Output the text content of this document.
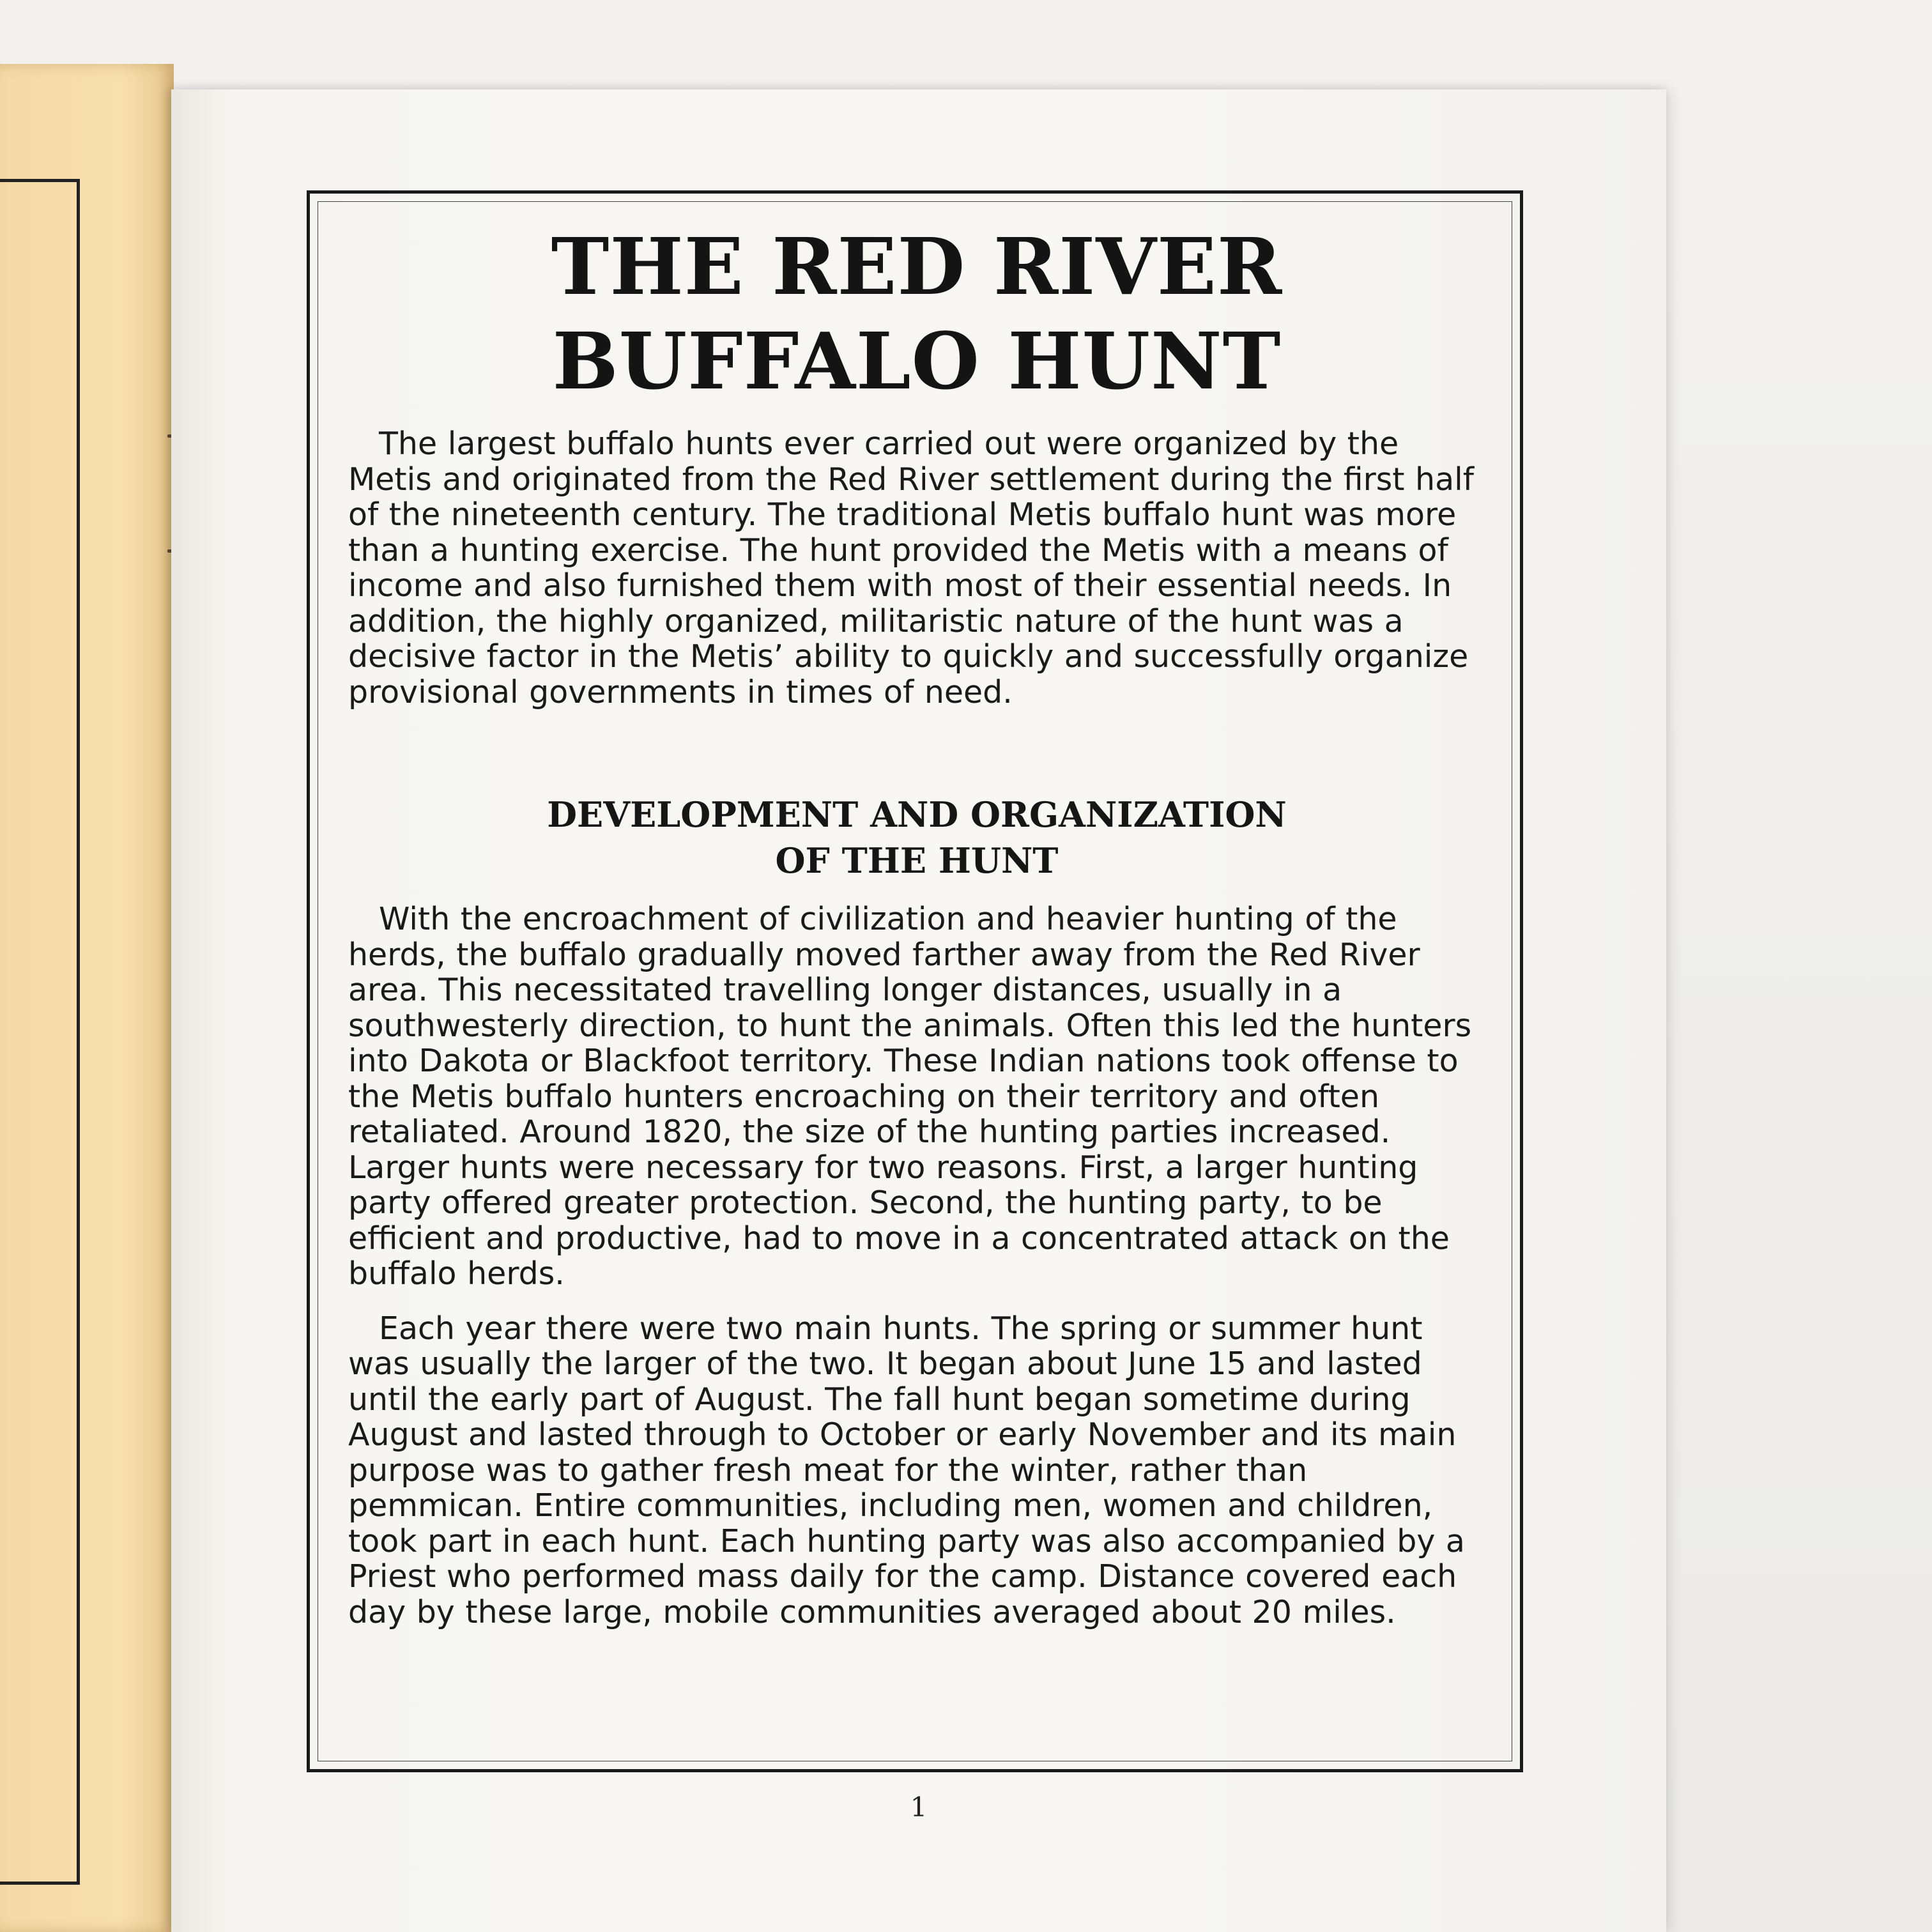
THE RED RIVER
BUFFALO HUNT

The largest buffalo hunts ever carried out were organized by the Metis and originated from the Red River settlement during the first half of the nineteenth century. The traditional Metis buffalo hunt was more than a hunting exercise. The hunt provided the Metis with a means of income and also furnished them with most of their essential needs. In addition, the highly organized, militaristic nature of the hunt was a decisive factor in the Metis’ ability to quickly and successfully organize provisional governments in times of need.

DEVELOPMENT AND ORGANIZATION
OF THE HUNT

With the encroachment of civilization and heavier hunting of the herds, the buffalo gradually moved farther away from the Red River area. This necessitated travelling longer distances, usually in a southwesterly direction, to hunt the animals. Often this led the hunters into Dakota or Blackfoot territory. These Indian nations took offense to the Metis buffalo hunters encroaching on their territory and often retaliated. Around 1820, the size of the hunting parties increased. Larger hunts were necessary for two reasons. First, a larger hunting party offered greater protection. Second, the hunting party, to be efficient and productive, had to move in a concentrated attack on the buffalo herds.

Each year there were two main hunts. The spring or summer hunt was usually the larger of the two. It began about June 15 and lasted until the early part of August. The fall hunt began sometime during August and lasted through to October or early November and its main purpose was to gather fresh meat for the winter, rather than pemmican. Entire communities, including men, women and children, took part in each hunt. Each hunting party was also accompanied by a Priest who performed mass daily for the camp. Distance covered each day by these large, mobile communities averaged about 20 miles.

1
